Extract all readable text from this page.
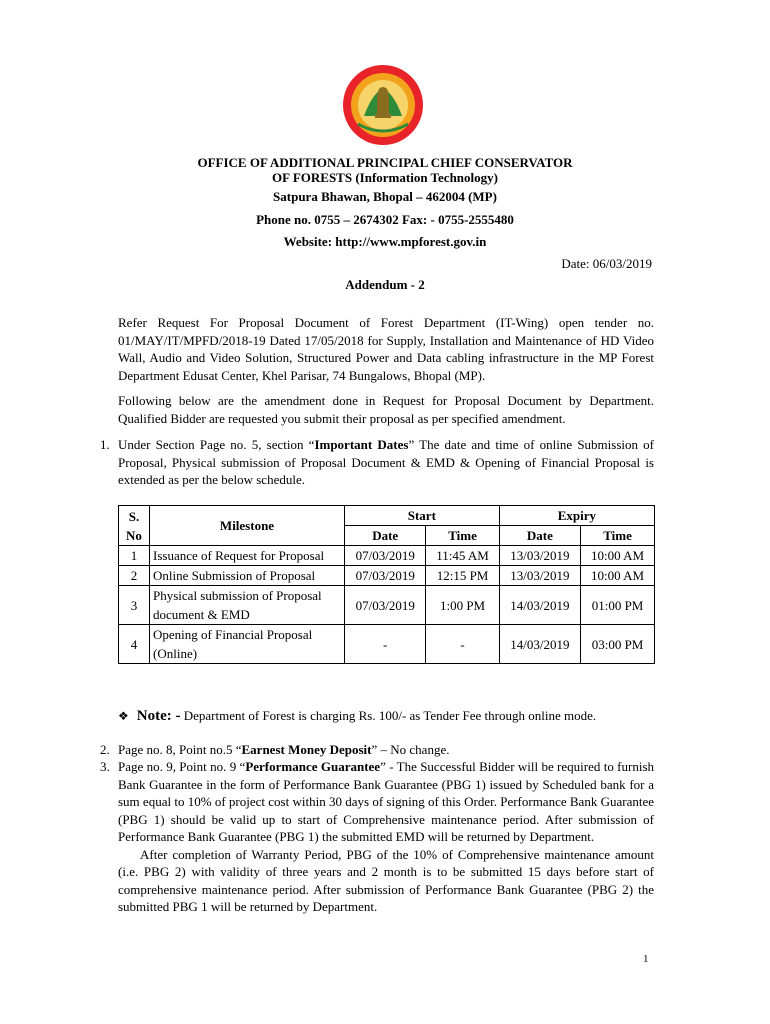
OFFICE OF ADDITIONAL PRINCIPAL CHIEF CONSERVATOR
OF FORESTS (Information Technology)
Satpura Bhawan, Bhopal – 462004 (MP)
Phone no. 0755 – 2674302 Fax: - 0755-2555480
Website: http://www.mpforest.gov.in
Date: 06/03/2019
Addendum - 2
Refer Request For Proposal Document of Forest Department (IT-Wing) open tender no. 01/MAY/IT/MPFD/2018-19 Dated 17/05/2018 for Supply, Installation and Maintenance of HD Video Wall, Audio and Video Solution, Structured Power and Data cabling infrastructure in the MP Forest Department Edusat Center, Khel Parisar, 74 Bungalows, Bhopal (MP).
Following below are the amendment done in Request for Proposal Document by Department. Qualified Bidder are requested you submit their proposal as per specified amendment.
1. Under Section Page no. 5, section “Important Dates” The date and time of online Submission of Proposal, Physical submission of Proposal Document & EMD & Opening of Financial Proposal is extended as per the below schedule.
S. No	Milestone	Start		Expiry	
		Date	Time	Date	Time
1	Issuance of Request for Proposal	07/03/2019	11:45 AM	13/03/2019	10:00 AM
2	Online Submission of Proposal	07/03/2019	12:15 PM	13/03/2019	10:00 AM
3	Physical submission of Proposal document & EMD	07/03/2019	1:00 PM	14/03/2019	01:00 PM
4	Opening of Financial Proposal (Online)	-	-	14/03/2019	03:00 PM
❖ Note: - Department of Forest is charging Rs. 100/- as Tender Fee through online mode.
2. Page no. 8, Point no.5 “Earnest Money Deposit” – No change.
3. Page no. 9, Point no. 9 “Performance Guarantee” - The Successful Bidder will be required to furnish Bank Guarantee in the form of Performance Bank Guarantee (PBG 1) issued by Scheduled bank for a sum equal to 10% of project cost within 30 days of signing of this Order. Performance Bank Guarantee (PBG 1) should be valid up to start of Comprehensive maintenance period. After submission of Performance Bank Guarantee (PBG 1) the submitted EMD will be returned by Department.
After completion of Warranty Period, PBG of the 10% of Comprehensive maintenance amount (i.e. PBG 2) with validity of three years and 2 month is to be submitted 15 days before start of comprehensive maintenance period. After submission of Performance Bank Guarantee (PBG 2) the submitted PBG 1 will be returned by Department.
1
